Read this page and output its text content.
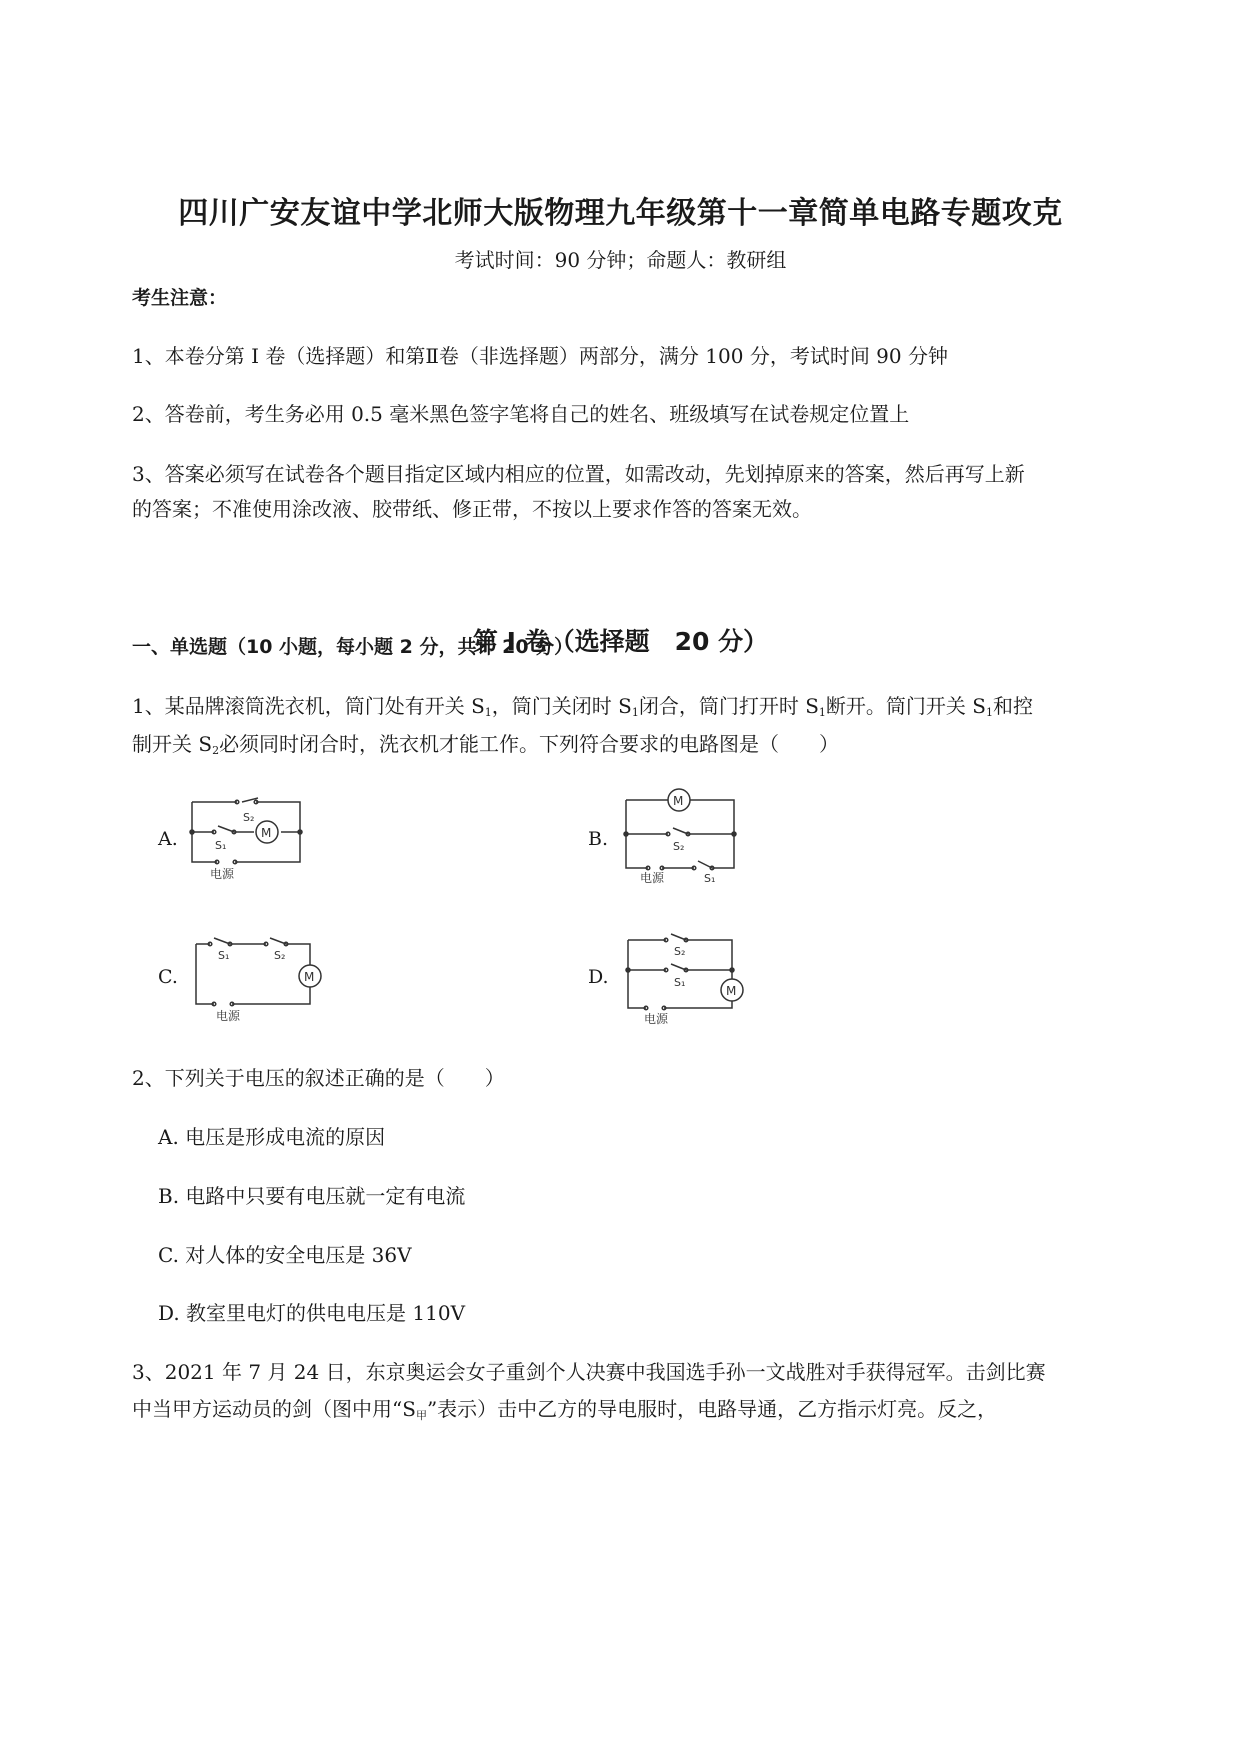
四川广安友谊中学北师大版物理九年级第十一章简单电路专题攻克
考试时间：90 分钟；命题人：教研组
考生注意：
1、本卷分第 I 卷（选择题）和第Ⅱ卷（非选择题）两部分，满分 100 分，考试时间 90 分钟
2、答卷前，考生务必用 0.5 毫米黑色签字笔将自己的姓名、班级填写在试卷规定位置上
3、答案必须写在试卷各个题目指定区域内相应的位置，如需改动，先划掉原来的答案，然后再写上新
的答案；不准使用涂改液、胶带纸、修正带，不按以上要求作答的答案无效。
第 I 卷（选择题　20 分）
一、单选题（10 小题，每小题 2 分，共计 20 分）
1、某品牌滚筒洗衣机，筒门处有开关 $S_1$，筒门关闭时 $S_1$闭合，筒门打开时 $S_1$断开。筒门开关 $S_1$和控
制开关 $S_2$必须同时闭合时，洗衣机才能工作。下列符合要求的电路图是（　　）
A.	B.
C.	D.
S₂
S₁
M
电源
M
S₂
电源	S₁
S₁	S₂
M
电源
S₂
S₁
M
电源
2、下列关于电压的叙述正确的是（　　）
A. 电压是形成电流的原因
B. 电路中只要有电压就一定有电流
C. 对人体的安全电压是 36V
D. 教室里电灯的供电电压是 110V
3、2021 年 7 月 24 日，东京奥运会女子重剑个人决赛中我国选手孙一文战胜对手获得冠军。击剑比赛
中当甲方运动员的剑（图中用“$S_甲$”表示）击中乙方的导电服时，电路导通，乙方指示灯亮。反之，
